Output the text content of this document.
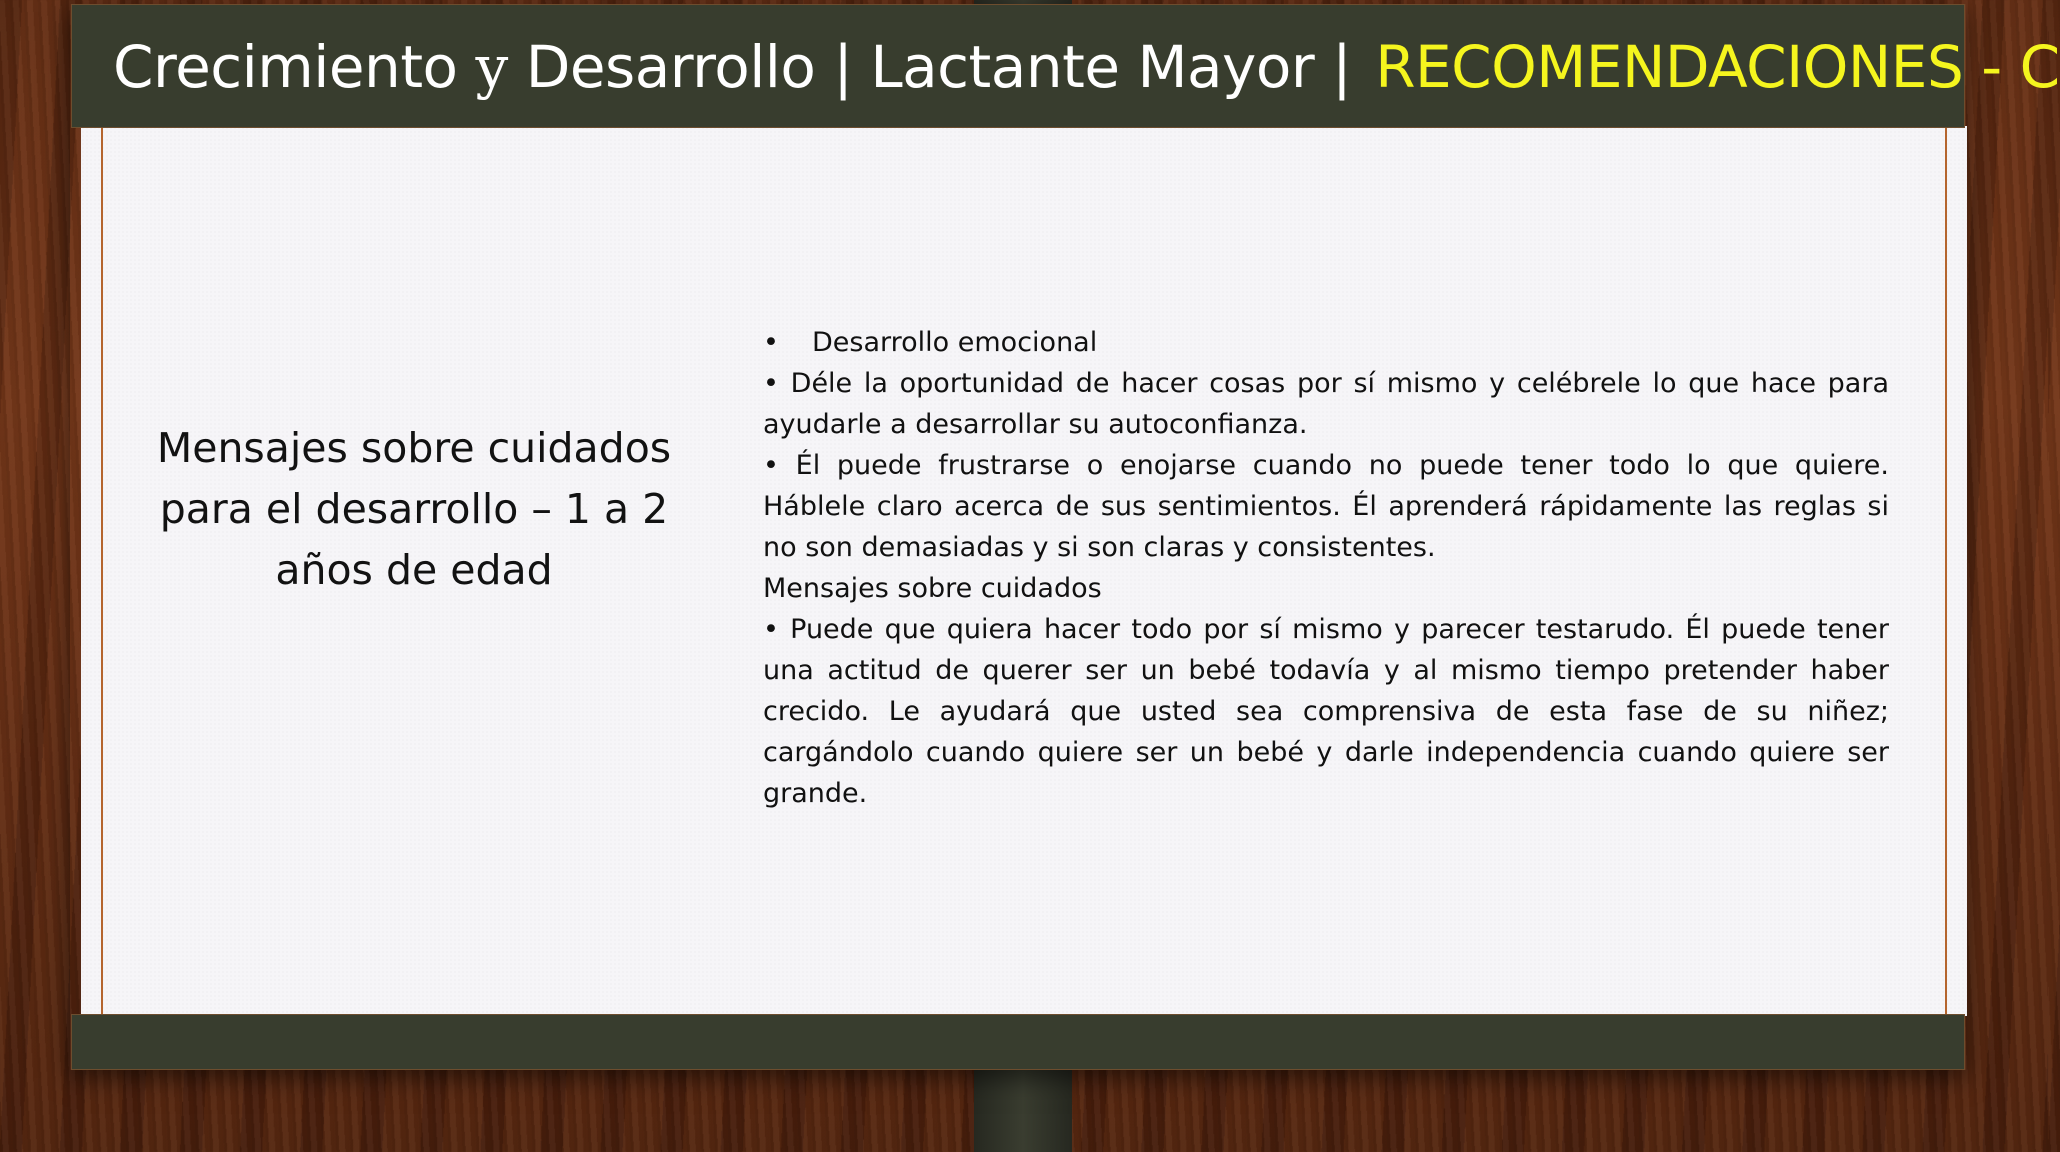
Crecimiento y Desarrollo | Lactante Mayor | RECOMENDACIONES - C
Mensajes sobre cuidados para el desarrollo – 1 a 2 años de edad
•	Desarrollo emocional

• Déle la oportunidad de hacer cosas por sí mismo y celébrele lo que hace para ayudarle a desarrollar su autoconfianza.

• Él puede frustrarse o enojarse cuando no puede tener todo lo que quiere. Háblele claro acerca de sus sentimientos. Él aprenderá rápidamente las reglas si no son demasiadas y si son claras y consistentes.

Mensajes sobre cuidados

• Puede que quiera hacer todo por sí mismo y parecer testarudo. Él puede tener una actitud de querer ser un bebé todavía y al mismo tiempo pretender haber crecido. Le ayudará que usted sea comprensiva de esta fase de su niñez; cargándolo cuando quiere ser un bebé y darle independencia cuando quiere ser grande.
